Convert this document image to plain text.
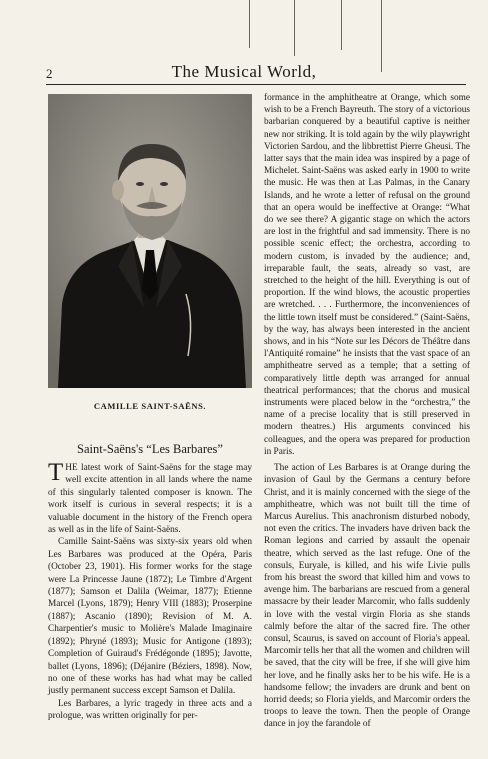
2	The Musical World,
CAMILLE SAINT-SAËNS.
Saint-Saëns's “Les Barbares”

THE latest work of Saint-Saëns for the stage may well excite attention in all lands where the name of this singularly talented composer is known. The work itself is curious in several respects; it is a valuable document in the history of the French opera as well as in the life of Saint-Saëns.

Camille Saint-Saëns was sixty-six years old when Les Barbares was produced at the Opéra, Paris (October 23, 1901). His former works for the stage were La Princesse Jaune (1872); Le Timbre d'Argent (1877); Samson et Dalila (Weimar, 1877); Etienne Marcel (Lyons, 1879); Henry VIII (1883); Proserpine (1887); Ascanio (1890); Revision of M. A. Charpentier's music to Molière's Malade Imaginaire (1892); Phryné (1893); Music for Antigone (1893); Completion of Guiraud's Frédégonde (1895); Javotte, ballet (Lyons, 1896); (Déjanire (Béziers, 1898). Now, no one of these works has had what may be called justly permanent success except Samson et Dalila.

Les Barbares, a lyric tragedy in three acts and a prologue, was written originally for per-

formance in the amphitheatre at Orange, which some wish to be a French Bayreuth. The story of a victorious barbarian conquered by a beautiful captive is neither new nor striking. It is told again by the wily playwright Victorien Sardou, and the libbrettist Pierre Gheusi. The latter says that the main idea was inspired by a page of Michelet. Saint-Saëns was asked early in 1900 to write the music. He was then at Las Palmas, in the Canary Islands, and he wrote a letter of refusal on the ground that an opera would be ineffective at Orange: “What do we see there? A gigantic stage on which the actors are lost in the frightful and sad immensity. There is no possible scenic effect; the orchestra, according to modern custom, is invaded by the audience; and, irreparable fault, the seats, already so vast, are stretched to the height of the hill. Everything is out of proportion. If the wind blows, the acoustic properties are wretched. . . . Furthermore, the inconveniences of the little town itself must be considered.” (Saint-Saëns, by the way, has always been interested in the ancient shows, and in his “Note sur les Décors de Théâtre dans l'Antiquité romaine” he insists that the vast space of an amphitheatre served as a temple; that a setting of comparatively little depth was arranged for annual theatrical performances; that the chorus and musical instruments were placed below in the “orchestra,” the name of a precise locality that is still preserved in modern theatres.) His arguments convinced his colleagues, and the opera was prepared for production in Paris.

The action of Les Barbares is at Orange during the invasion of Gaul by the Germans a century before Christ, and it is mainly concerned with the siege of the amphitheatre, which was not built till the time of Marcus Aurelius. This anachronism disturbed nobody, not even the critics. The invaders have driven back the Roman legions and carried by assault the openair theatre, which served as the last refuge. One of the consuls, Euryale, is killed, and his wife Livie pulls from his breast the sword that killed him and vows to avenge him. The barbarians are rescued from a general massacre by their leader Marcomir, who falls suddenly in love with the vestal virgin Floria as she stands calmly before the altar of the sacred fire. The other consul, Scaurus, is saved on account of Floria's appeal. Marcomir tells her that all the women and children will be saved, that the city will be free, if she will give him her love, and he finally asks her to be his wife. He is a handsome fellow; the invaders are drunk and bent on horrid deeds; so Floria yields, and Marcomir orders the troops to leave the town. Then the people of Orange dance in joy the farandole of
